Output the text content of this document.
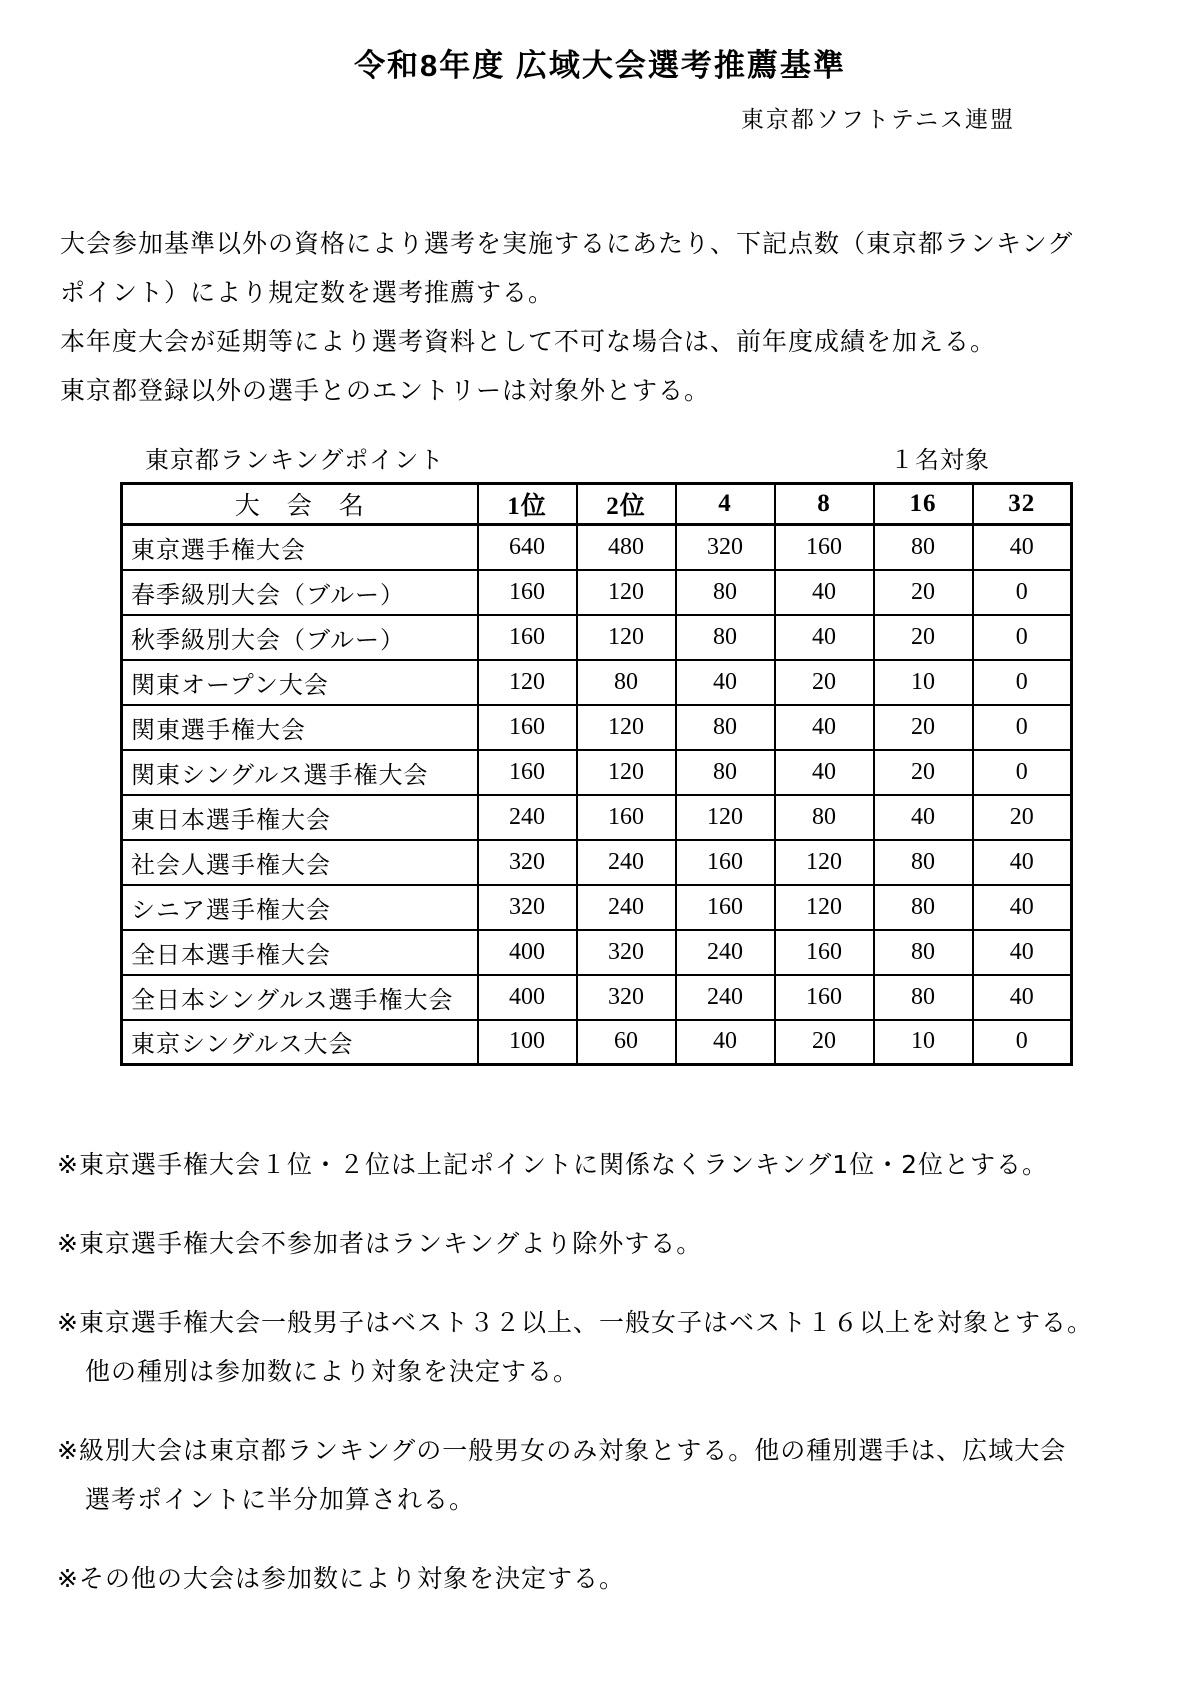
令和8年度 広域大会選考推薦基準
東京都ソフトテニス連盟

大会参加基準以外の資格により選考を実施するにあたり、下記点数（東京都ランキング

ポイント）により規定数を選考推薦する。

本年度大会が延期等により選考資料として不可な場合は、前年度成績を加える。

東京都登録以外の選手とのエントリーは対象外とする。

東京都ランキングポイント	１名対象
大　会　名	1位	2位	4	8	16	32
東京選手権大会	640	480	320	160	80	40
春季級別大会（ブルー）	160	120	80	40	20	0
秋季級別大会（ブルー）	160	120	80	40	20	0
関東オープン大会	120	80	40	20	10	0
関東選手権大会	160	120	80	40	20	0
関東シングルス選手権大会	160	120	80	40	20	0
東日本選手権大会	240	160	120	80	40	20
社会人選手権大会	320	240	160	120	80	40
シニア選手権大会	320	240	160	120	80	40
全日本選手権大会	400	320	240	160	80	40
全日本シングルス選手権大会	400	320	240	160	80	40
東京シングルス大会	100	60	40	20	10	0
※東京選手権大会１位・２位は上記ポイントに関係なくランキング1位・2位とする。
※東京選手権大会不参加者はランキングより除外する。
※東京選手権大会一般男子はベスト３２以上、一般女子はベスト１６以上を対象とする。
他の種別は参加数により対象を決定する。
※級別大会は東京都ランキングの一般男女のみ対象とする。他の種別選手は、広域大会
選考ポイントに半分加算される。
※その他の大会は参加数により対象を決定する。
